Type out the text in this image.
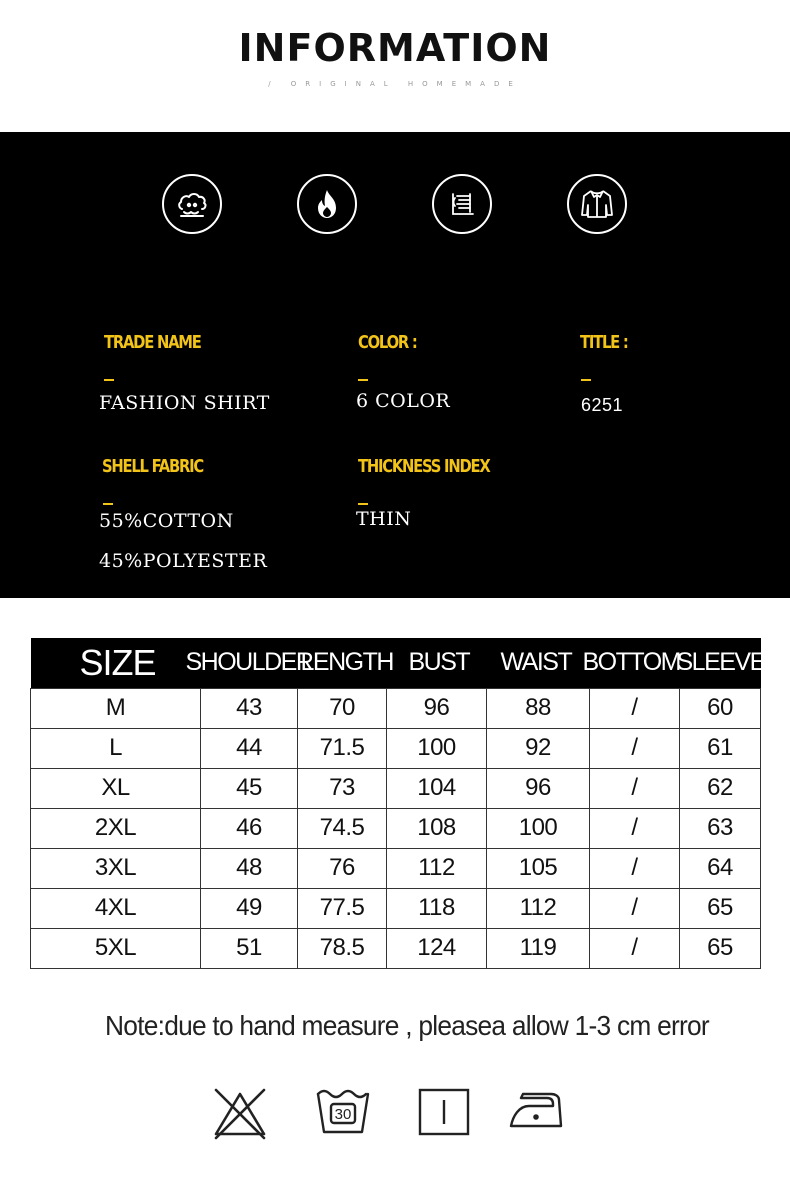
INFORMATION
/ ORIGINAL HOMEMADE
TRADE NAME
FASHION SHIRT
COLOR :
6 COLOR
TITLE :
6251
SHELL FABRIC
55%COTTON
45%POLYESTER
THICKNESS INDEX
THIN
SIZE	SHOULDER	LENGTH	BUST	WAIST	BOTTOM	SLEEVE
M	43	70	96	88	/	60
L	44	71.5	100	92	/	61
XL	45	73	104	96	/	62
2XL	46	74.5	108	100	/	63
3XL	48	76	112	105	/	64
4XL	49	77.5	118	112	/	65
5XL	51	78.5	124	119	/	65
Note:due to hand measure , pleasea allow 1-3 cm error
30
